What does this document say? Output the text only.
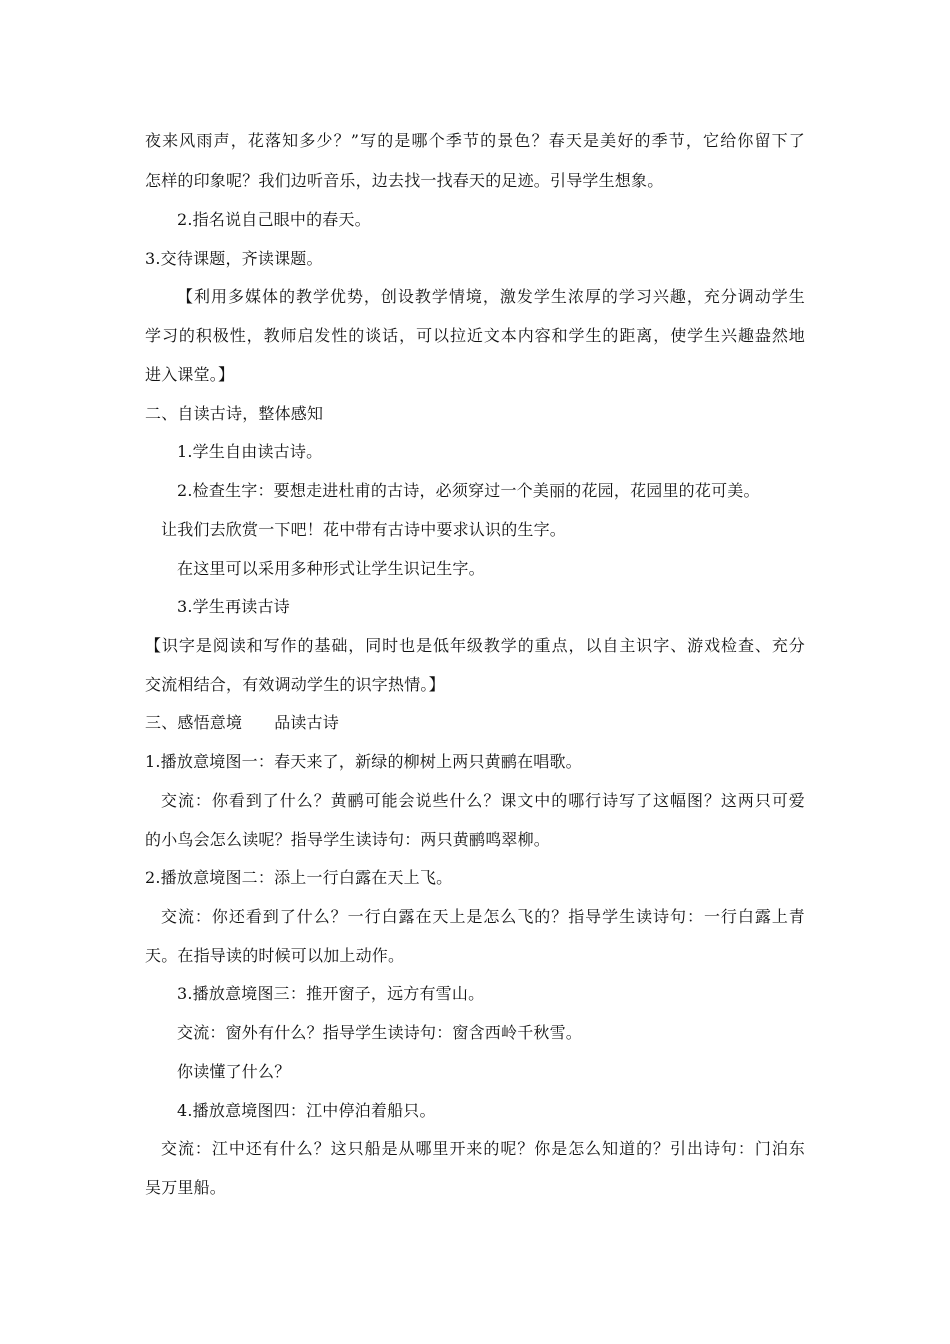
夜来风雨声，花落知多少？”写的是哪个季节的景色？春天是美好的季节，它给你留下了
怎样的印象呢？我们边听音乐，边去找一找春天的足迹。引导学生想象。
2.指名说自己眼中的春天。
3.交待课题，齐读课题。
【利用多媒体的教学优势，创设教学情境，激发学生浓厚的学习兴趣，充分调动学生
学习的积极性，教师启发性的谈话，可以拉近文本内容和学生的距离，使学生兴趣盎然地
进入课堂。】
二、自读古诗，整体感知
1.学生自由读古诗。
2.检查生字：要想走进杜甫的古诗，必须穿过一个美丽的花园，花园里的花可美。
让我们去欣赏一下吧！花中带有古诗中要求认识的生字。
在这里可以采用多种形式让学生识记生字。
3.学生再读古诗
【识字是阅读和写作的基础，同时也是低年级教学的重点，以自主识字、游戏检查、充分
交流相结合，有效调动学生的识字热情。】
三、感悟意境 品读古诗
1.播放意境图一：春天来了，新绿的柳树上两只黄鹂在唱歌。
交流：你看到了什么？黄鹂可能会说些什么？课文中的哪行诗写了这幅图？这两只可爱
的小鸟会怎么读呢？指导学生读诗句：两只黄鹂鸣翠柳。
2.播放意境图二：添上一行白露在天上飞。
交流：你还看到了什么？一行白露在天上是怎么飞的？指导学生读诗句：一行白露上青
天。在指导读的时候可以加上动作。
3.播放意境图三：推开窗子，远方有雪山。
交流：窗外有什么？指导学生读诗句：窗含西岭千秋雪。
你读懂了什么？
4.播放意境图四：江中停泊着船只。
交流：江中还有什么？这只船是从哪里开来的呢？你是怎么知道的？引出诗句：门泊东
吴万里船。
